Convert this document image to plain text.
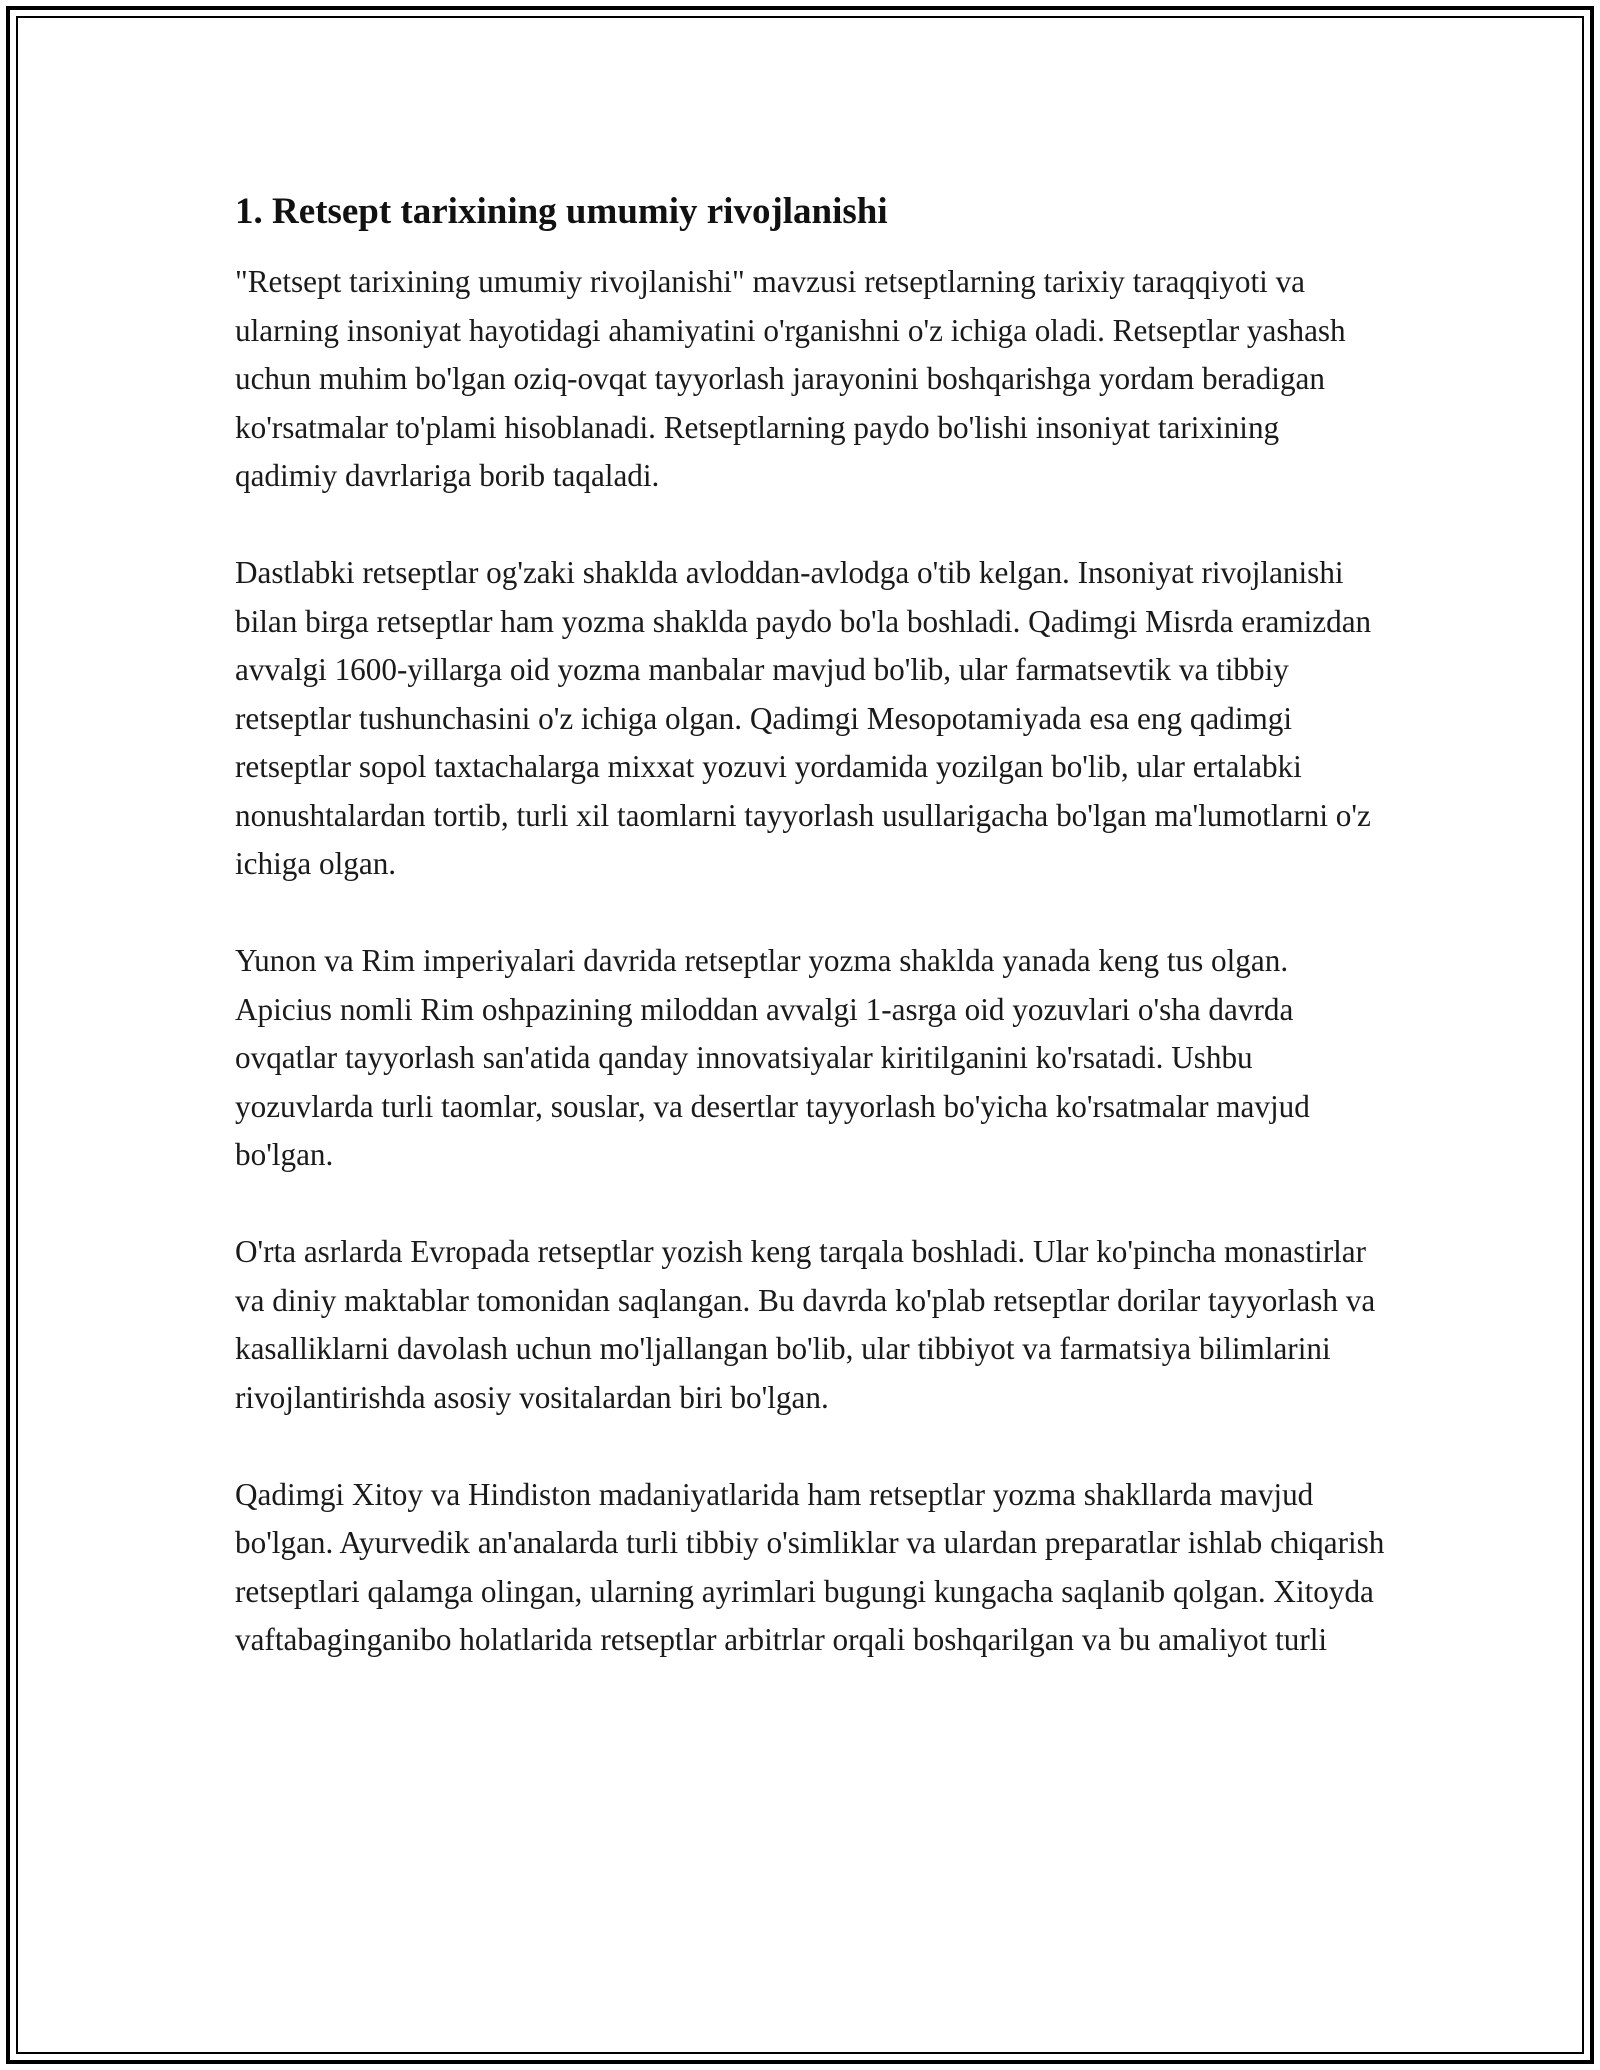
1. Retsept tarixining umumiy rivojlanishi

"Retsept tarixining umumiy rivojlanishi" mavzusi retseptlarning tarixiy taraqqiyoti va ularning insoniyat hayotidagi ahamiyatini o'rganishni o'z ichiga oladi. Retseptlar yashash uchun muhim bo'lgan oziq-ovqat tayyorlash jarayonini boshqarishga yordam beradigan ko'rsatmalar to'plami hisoblanadi. Retseptlarning paydo bo'lishi insoniyat tarixining qadimiy davrlariga borib taqaladi.

Dastlabki retseptlar og'zaki shaklda avloddan-avlodga o'tib kelgan. Insoniyat rivojlanishi bilan birga retseptlar ham yozma shaklda paydo bo'la boshladi. Qadimgi Misrda eramizdan avvalgi 1600-yillarga oid yozma manbalar mavjud bo'lib, ular farmatsevtik va tibbiy retseptlar tushunchasini o'z ichiga olgan. Qadimgi Mesopotamiyada esa eng qadimgi retseptlar sopol taxtachalarga mixxat yozuvi yordamida yozilgan bo'lib, ular ertalabki nonushtalardan tortib, turli xil taomlarni tayyorlash usullarigacha bo'lgan ma'lumotlarni o'z ichiga olgan.

Yunon va Rim imperiyalari davrida retseptlar yozma shaklda yanada keng tus olgan. Apicius nomli Rim oshpazining miloddan avvalgi 1-asrga oid yozuvlari o'sha davrda ovqatlar tayyorlash san'atida qanday innovatsiyalar kiritilganini ko'rsatadi. Ushbu yozuvlarda turli taomlar, souslar, va desertlar tayyorlash bo'yicha ko'rsatmalar mavjud bo'lgan.

O'rta asrlarda Evropada retseptlar yozish keng tarqala boshladi. Ular ko'pincha monastirlar va diniy maktablar tomonidan saqlangan. Bu davrda ko'plab retseptlar dorilar tayyorlash va kasalliklarni davolash uchun mo'ljallangan bo'lib, ular tibbiyot va farmatsiya bilimlarini rivojlantirishda asosiy vositalardan biri bo'lgan.

Qadimgi Xitoy va Hindiston madaniyatlarida ham retseptlar yozma shakllarda mavjud bo'lgan. Ayurvedik an'analarda turli tibbiy o'simliklar va ulardan preparatlar ishlab chiqarish retseptlari qalamga olingan, ularning ayrimlari bugungi kungacha saqlanib qolgan. Xitoyda vaftabaginganibo holatlarida retseptlar arbitrlar orqali boshqarilgan va bu amaliyot turli
